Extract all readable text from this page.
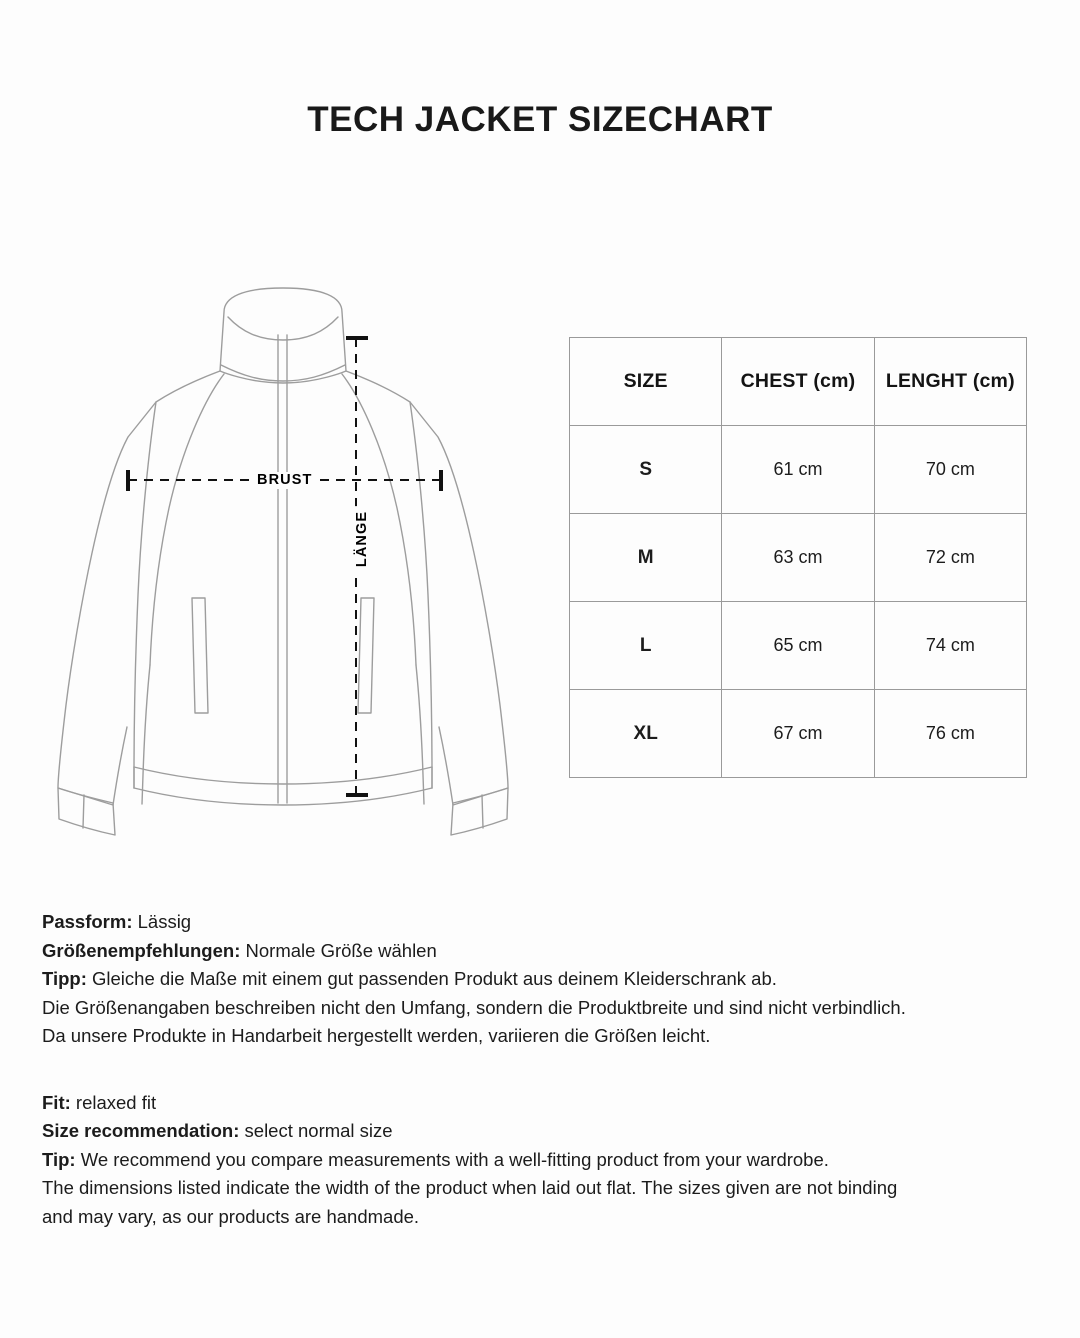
TECH JACKET SIZECHART
BRUST
LÄNGE
SIZE	CHEST (cm)	LENGHT (cm)
S	61 cm	70 cm
M	63 cm	72 cm
L	65 cm	74 cm
XL	67 cm	76 cm
Passform: Lässig
Größenempfehlungen: Normale Größe wählen
Tipp: Gleiche die Maße mit einem gut passenden Produkt aus deinem Kleiderschrank ab.
Die Größenangaben beschreiben nicht den Umfang, sondern die Produktbreite und sind nicht verbindlich.
Da unsere Produkte in Handarbeit hergestellt werden, variieren die Größen leicht.
Fit: relaxed fit
Size recommendation: select normal size
Tip: We recommend you compare measurements with a well-fitting product from your wardrobe.
The dimensions listed indicate the width of the product when laid out flat. The sizes given are not binding
and may vary, as our products are handmade.
